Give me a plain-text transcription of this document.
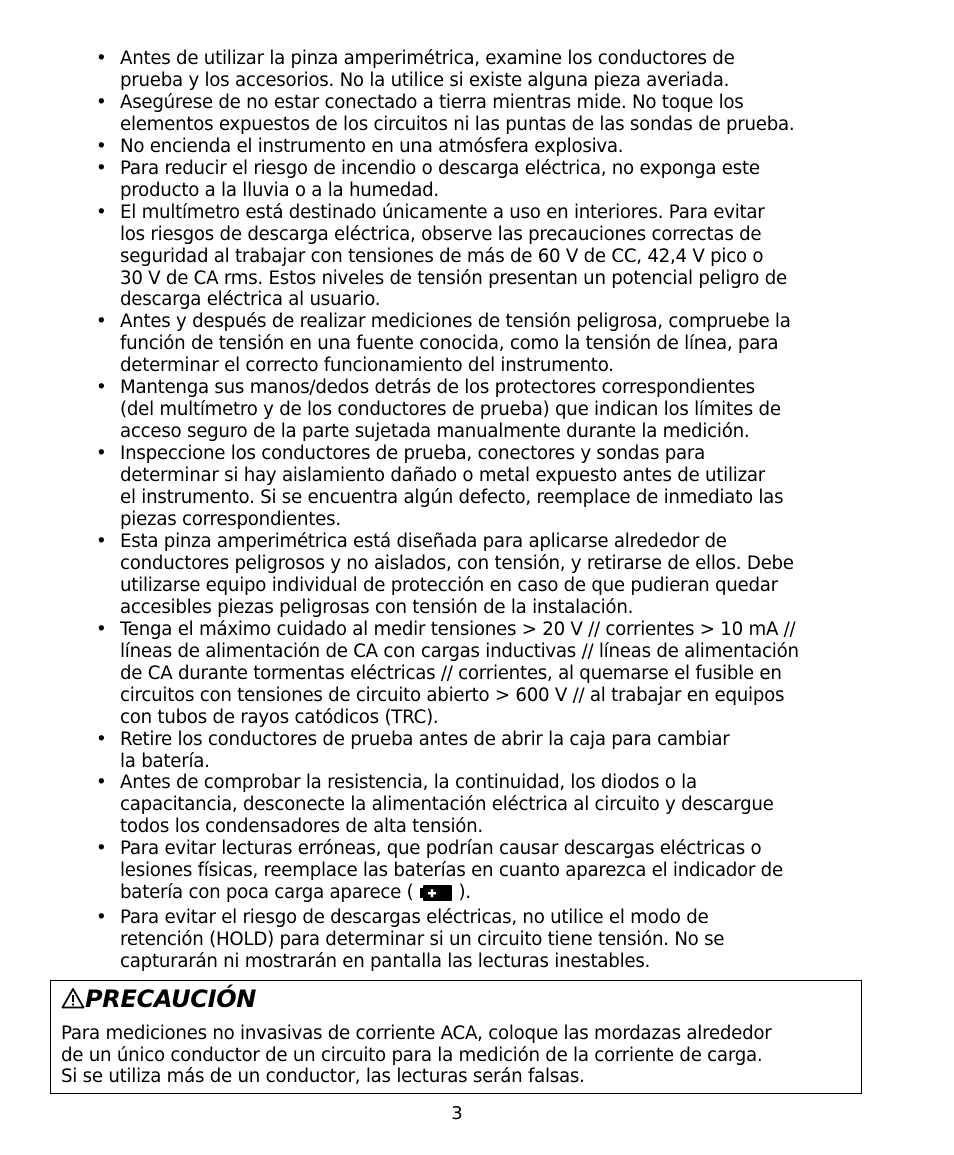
• Antes de utilizar la pinza amperimétrica, examine los conductores de
prueba y los accesorios. No la utilice si existe alguna pieza averiada.
• Asegúrese de no estar conectado a tierra mientras mide. No toque los
elementos expuestos de los circuitos ni las puntas de las sondas de prueba.
• No encienda el instrumento en una atmósfera explosiva.
• Para reducir el riesgo de incendio o descarga eléctrica, no exponga este
producto a la lluvia o a la humedad.
• El multímetro está destinado únicamente a uso en interiores. Para evitar
los riesgos de descarga eléctrica, observe las precauciones correctas de
seguridad al trabajar con tensiones de más de 60 V de CC, 42,4 V pico o
30 V de CA rms. Estos niveles de tensión presentan un potencial peligro de
descarga eléctrica al usuario.
• Antes y después de realizar mediciones de tensión peligrosa, compruebe la
función de tensión en una fuente conocida, como la tensión de línea, para
determinar el correcto funcionamiento del instrumento.
• Mantenga sus manos/dedos detrás de los protectores correspondientes
(del multímetro y de los conductores de prueba) que indican los límites de
acceso seguro de la parte sujetada manualmente durante la medición.
• Inspeccione los conductores de prueba, conectores y sondas para
determinar si hay aislamiento dañado o metal expuesto antes de utilizar
el instrumento. Si se encuentra algún defecto, reemplace de inmediato las
piezas correspondientes.
• Esta pinza amperimétrica está diseñada para aplicarse alrededor de
conductores peligrosos y no aislados, con tensión, y retirarse de ellos. Debe
utilizarse equipo individual de protección en caso de que pudieran quedar
accesibles piezas peligrosas con tensión de la instalación.
• Tenga el máximo cuidado al medir tensiones > 20 V // corrientes > 10 mA //
líneas de alimentación de CA con cargas inductivas // líneas de alimentación
de CA durante tormentas eléctricas // corrientes, al quemarse el fusible en
circuitos con tensiones de circuito abierto > 600 V // al trabajar en equipos
con tubos de rayos catódicos (TRC).
• Retire los conductores de prueba antes de abrir la caja para cambiar
la batería.
• Antes de comprobar la resistencia, la continuidad, los diodos o la
capacitancia, desconecte la alimentación eléctrica al circuito y descargue
todos los condensadores de alta tensión.
• Para evitar lecturas erróneas, que podrían causar descargas eléctricas o
lesiones físicas, reemplace las baterías en cuanto aparezca el indicador de
batería con poca carga aparece (  ).
• Para evitar el riesgo de descargas eléctricas, no utilice el modo de
retención (HOLD) para determinar si un circuito tiene tensión. No se
capturarán ni mostrarán en pantalla las lecturas inestables.
PRECAUCIÓN
Para mediciones no invasivas de corriente ACA, coloque las mordazas alrededor
de un único conductor de un circuito para la medición de la corriente de carga.
Si se utiliza más de un conductor, las lecturas serán falsas.
3
